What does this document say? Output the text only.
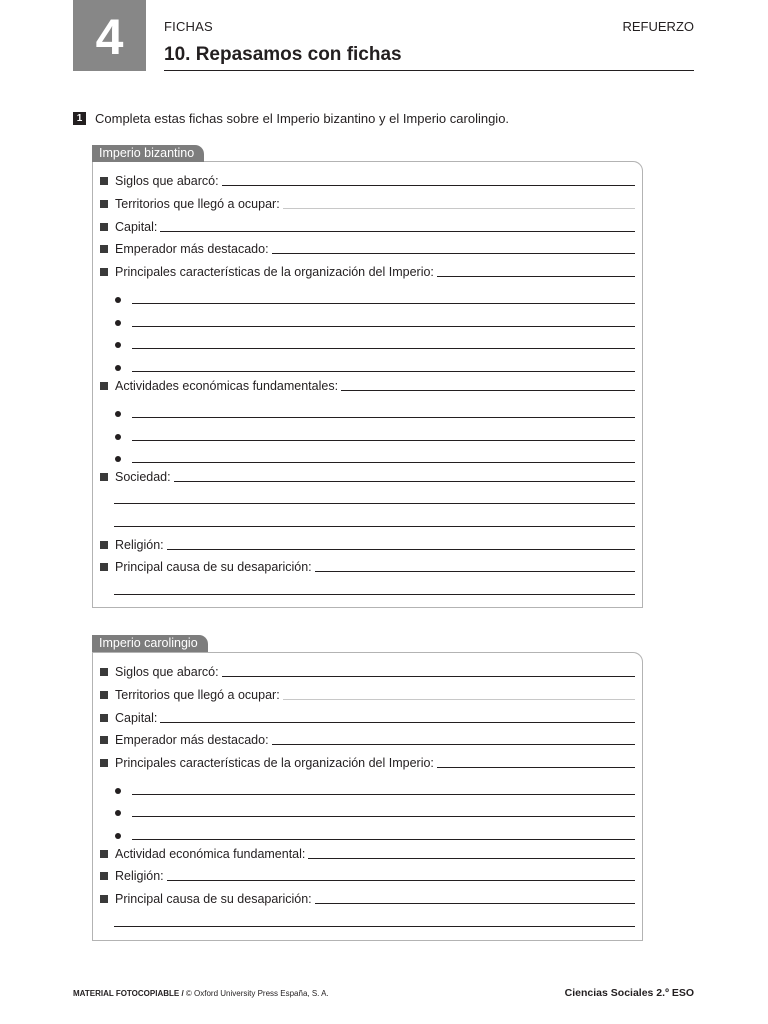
4	FICHAS	REFUERZO
10. Repasamos con fichas
1 Completa estas fichas sobre el Imperio bizantino y el Imperio carolingio.
Imperio bizantino
Siglos que abarcó:
Territorios que llegó a ocupar:
Capital:
Emperador más destacado:
Principales características de la organización del Imperio:
Actividades económicas fundamentales:
Sociedad:
Religión:
Principal causa de su desaparición:
Imperio carolingio
Siglos que abarcó:
Territorios que llegó a ocupar:
Capital:
Emperador más destacado:
Principales características de la organización del Imperio:
Actividad económica fundamental:
Religión:
Principal causa de su desaparición:
MATERIAL FOTOCOPIABLE / © Oxford University Press España, S. A.	Ciencias Sociales 2.º ESO
